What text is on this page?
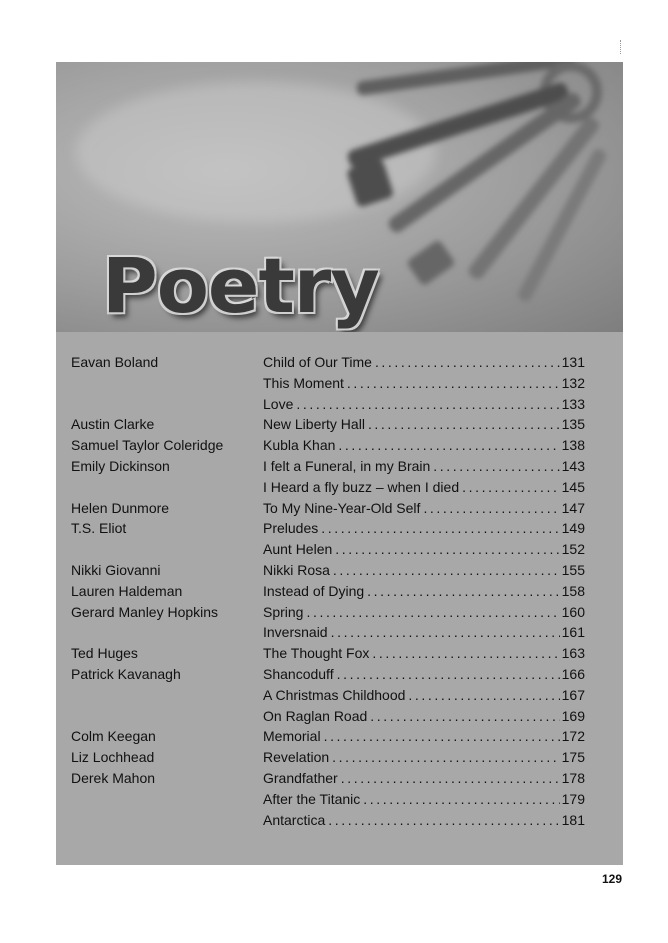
Poetry
Eavan Boland	Child of Our Time .....	131
This Moment .....	132
Love .....	133
Austin Clarke	New Liberty Hall .....	135
Samuel Taylor Coleridge	Kubla Khan .....	138
Emily Dickinson	I felt a Funeral, in my Brain .....	143
I Heard a fly buzz – when I died .....	145
Helen Dunmore	To My Nine-Year-Old Self .....	147
T.S. Eliot	Preludes .....	149
Aunt Helen .....	152
Nikki Giovanni	Nikki Rosa .....	155
Lauren Haldeman	Instead of Dying .....	158
Gerard Manley Hopkins	Spring .....	160
Inversnaid .....	161
Ted Huges	The Thought Fox .....	163
Patrick Kavanagh	Shancoduff .....	166
A Christmas Childhood .....	167
On Raglan Road .....	169
Colm Keegan	Memorial .....	172
Liz Lochhead	Revelation .....	175
Derek Mahon	Grandfather .....	178
After the Titanic .....	179
Antarctica .....	181
129
